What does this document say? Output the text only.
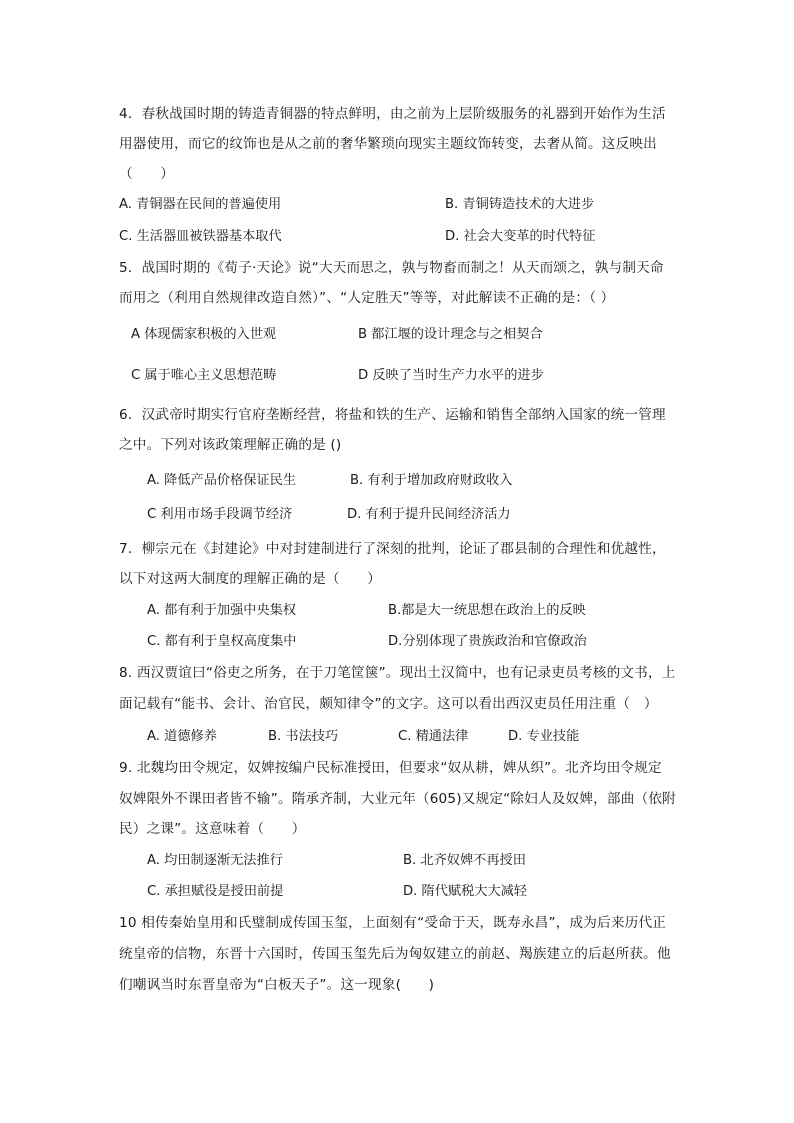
4．春秋战国时期的铸造青铜器的特点鲜明，由之前为上层阶级服务的礼器到开始作为生活
用器使用，而它的纹饰也是从之前的奢华繁琐向现实主题纹饰转变，去奢从简。这反映出
（　　）
A. 青铜器在民间的普遍使用	B. 青铜铸造技术的大进步
C. 生活器皿被铁器基本取代	D. 社会大变革的时代特征
5．战国时期的《荀子·天论》说“大天而思之，孰与物畜而制之！从天而颂之，孰与制天命
而用之（利用自然规律改造自然）”、“人定胜天”等等，对此解读不正确的是：（ ）
A 体现儒家积极的入世观	B 都江堰的设计理念与之相契合
C 属于唯心主义思想范畴	D 反映了当时生产力水平的进步
6．汉武帝时期实行官府垄断经营，将盐和铁的生产、运输和销售全部纳入国家的统一管理
之中。下列对该政策理解正确的是 ()
A. 降低产品价格保证民生	B. 有利于增加政府财政收入
C 利用市场手段调节经济	D. 有利于提升民间经济活力
7．柳宗元在《封建论》中对封建制进行了深刻的批判，论证了郡县制的合理性和优越性，
以下对这两大制度的理解正确的是（　　）
A. 都有利于加强中央集权	B.都是大一统思想在政治上的反映
C. 都有利于皇权高度集中	D.分别体现了贵族政治和官僚政治
8. 西汉贾谊曰“俗吏之所务，在于刀笔筐箧”。现出土汉简中，也有记录吏员考核的文书，上
面记载有“能书、会计、治官民，颇知律令”的文字。这可以看出西汉吏员任用注重（　）
A. 道德修养	B. 书法技巧	C. 精通法律	D. 专业技能
9. 北魏均田令规定，奴婢按编户民标准授田，但要求“奴从耕，婢从织”。北齐均田令规定
奴婢限外不课田者皆不输”。隋承齐制，大业元年（605)又规定“除妇人及奴婢，部曲（依附
民）之课”。这意味着（　　）
A. 均田制逐渐无法推行	B. 北齐奴婢不再授田
C. 承担赋役是授田前提	D. 隋代赋税大大减轻
10 相传秦始皇用和氏璧制成传国玉玺，上面刻有“受命于天，既寿永昌”，成为后来历代正
统皇帝的信物，东晋十六国时，传国玉玺先后为匈奴建立的前赵、羯族建立的后赵所获。他
们嘲讽当时东晋皇帝为“白板天子”。这一现象(　　)
